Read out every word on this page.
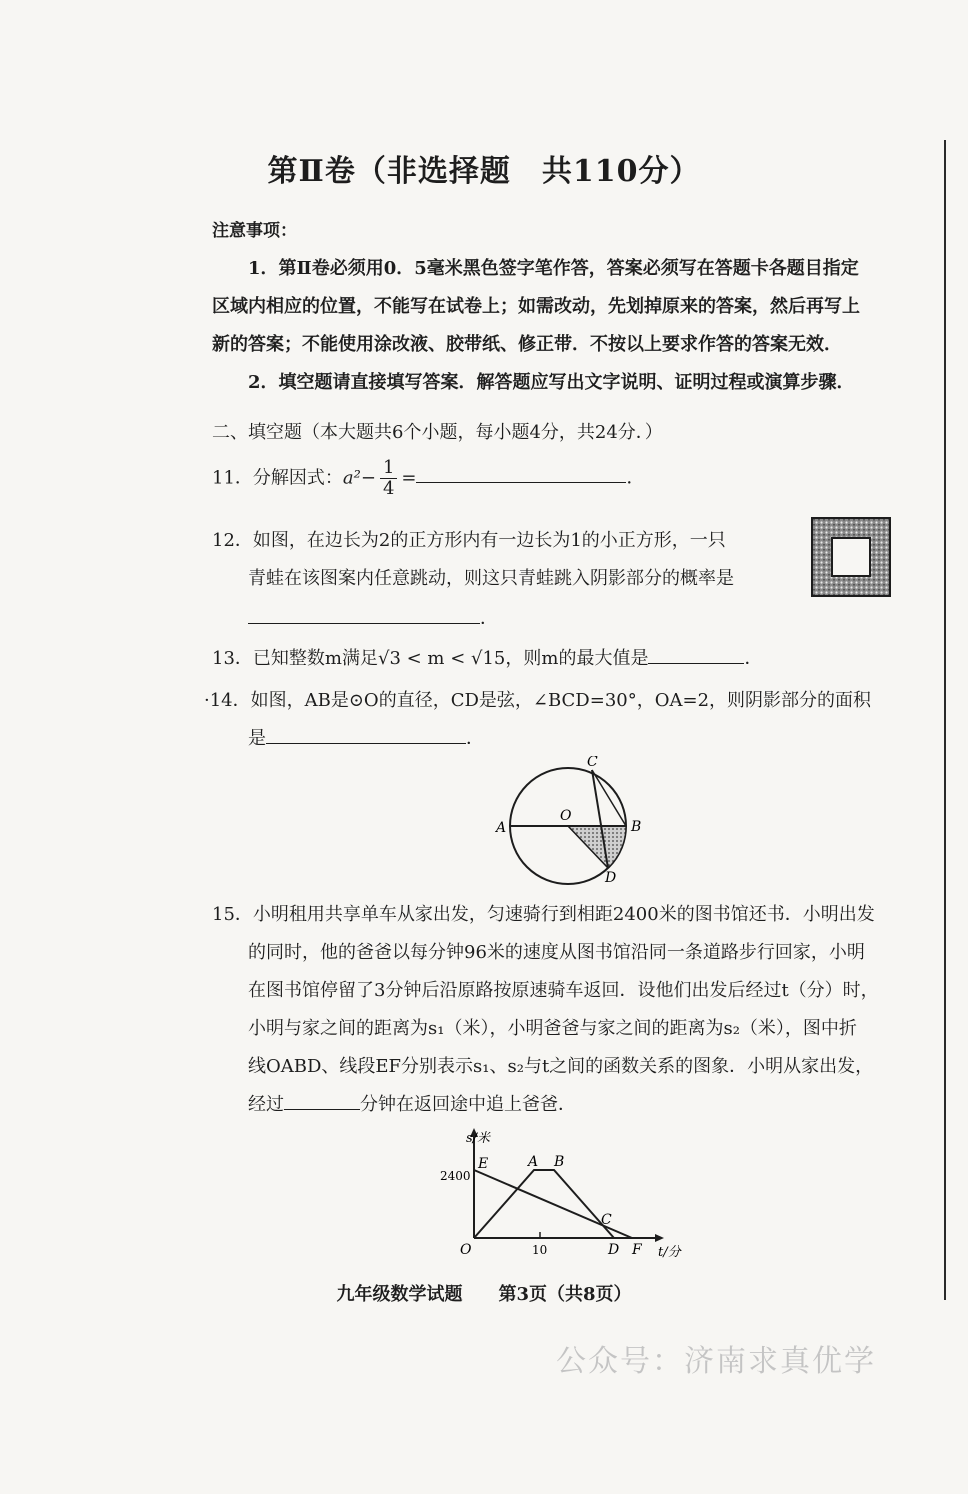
第Ⅱ卷（非选择题　共110分）
注意事项：
1．第Ⅱ卷必须用0．5毫米黑色签字笔作答，答案必须写在答题卡各题目指定
区域内相应的位置，不能写在试卷上；如需改动，先划掉原来的答案，然后再写上
新的答案；不能使用涂改液、胶带纸、修正带．不按以上要求作答的答案无效．
2．填空题请直接填写答案．解答题应写出文字说明、证明过程或演算步骤．
二、填空题（本大题共6个小题，每小题4分，共24分．）
11．分解因式：$a^2- \frac{1}{4}$ =	．
12．如图，在边长为2的正方形内有一边长为1的小正方形，一只
青蛙在该图案内任意跳动，则这只青蛙跳入阴影部分的概率是
．
13．已知整数m满足√3 < m < √15，则m的最大值是	．
·14．如图，AB是⊙O的直径，CD是弦，∠BCD=30°，OA=2，则阴影部分的面积
是	．
A	B
C
D
O
15．小明租用共享单车从家出发，匀速骑行到相距2400米的图书馆还书．小明出发
的同时，他的爸爸以每分钟96米的速度从图书馆沿同一条道路步行回家，小明
在图书馆停留了3分钟后沿原路按原速骑车返回．设他们出发后经过t（分）时，
小明与家之间的距离为s₁（米），小明爸爸与家之间的距离为s₂（米），图中折
线OABD、线段EF分别表示s₁、s₂与t之间的函数关系的图象．小明从家出发，
经过	分钟在返回途中追上爸爸．
s/米
t/分
2400
10
O
E	A B
C
D F
九年级数学试题　　第3页（共8页）
公众号：济南求真优学
